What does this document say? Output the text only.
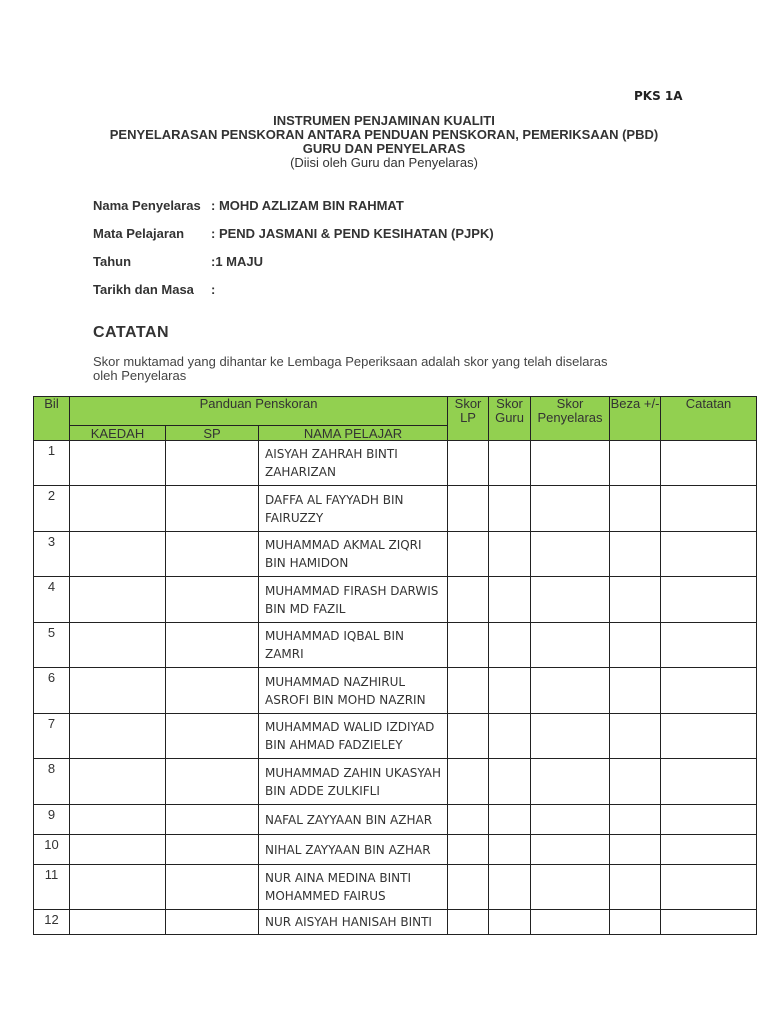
PKS 1A
INSTRUMEN PENJAMINAN KUALITI
PENYELARASAN PENSKORAN ANTARA PENDUAN PENSKORAN, PEMERIKSAAN (PBD)
GURU DAN PENYELARAS
(Diisi oleh Guru dan Penyelaras)
Nama Penyelaras : MOHD AZLIZAM BIN RAHMAT
Mata Pelajaran : PEND JASMANI & PEND KESIHATAN (PJPK)
Tahun	:1 MAJU
Tarikh dan Masa :
CATATAN
Skor muktamad yang dihantar ke Lembaga Peperiksaan adalah skor yang telah diselaras oleh Penyelaras
Bil	Panduan Penskoran			Skor LP	Skor Guru	Skor Penyelaras	Beza +/-	Catatan
	KAEDAH	SP	NAMA PELAJAR					
1			AISYAH ZAHRAH BINTI ZAHARIZAN					
2			DAFFA AL FAYYADH BIN FAIRUZZY					
3			MUHAMMAD AKMAL ZIQRI BIN HAMIDON					
4			MUHAMMAD FIRASH DARWIS BIN MD FAZIL					
5			MUHAMMAD IQBAL BIN ZAMRI					
6			MUHAMMAD NAZHIRUL ASROFI BIN MOHD NAZRIN					
7			MUHAMMAD WALID IZDIYAD BIN AHMAD FADZIELEY					
8			MUHAMMAD ZAHIN UKASYAH BIN ADDE ZULKIFLI					
9			NAFAL ZAYYAAN BIN AZHAR					
10			NIHAL ZAYYAAN BIN AZHAR					
11			NUR AINA MEDINA BINTI MOHAMMED FAIRUS					
12			NUR AISYAH HANISAH BINTI					
